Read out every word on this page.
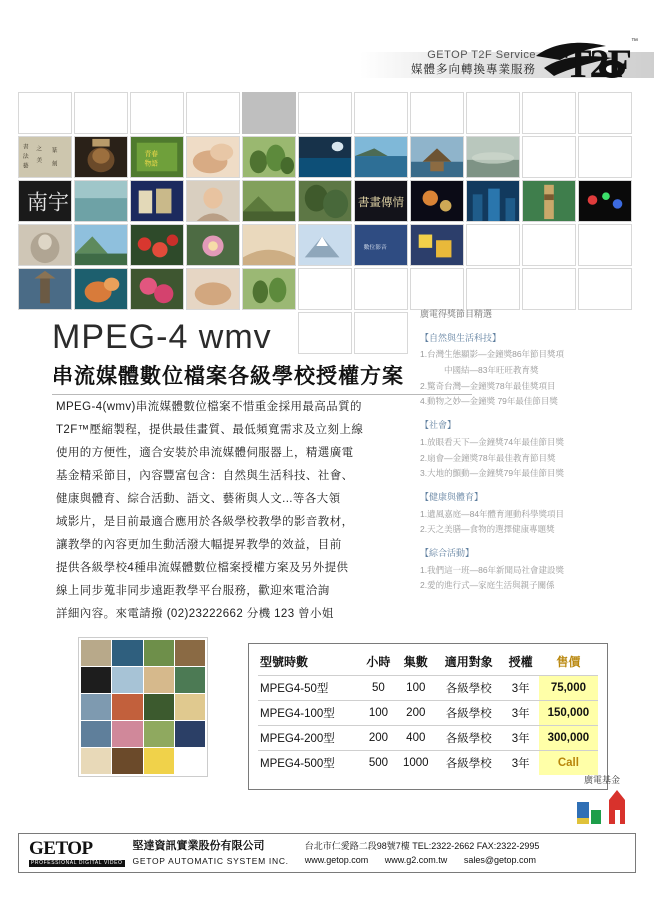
GETOP T2F Service
媒體多向轉換專業服務 T2F ™
書
法
藝
之
美
篆
刻
青春
物語
南宇	書畫傳情
數位影音
MPEG-4 wmv
串流媒體數位檔案各級學校授權方案

MPEG-4(wmv)串流媒體數位檔案不惜重金採用最高品質的

T2F™壓縮製程，提供最佳畫質、最低頻寬需求及立刻上線

使用的方便性，適合安裝於串流媒體伺服器上，精選廣電

基金精采節目，內容豐富包含：自然與生活科技、社會、

健康與體育、綜合活動、語文、藝術與人文...等各大領

域影片，是目前最適合應用於各級學校教學的影音教材，

讓教學的內容更加生動活潑大幅提昇教學的效益，目前

提供各級學校4種串流媒體數位檔案授權方案及另外提供

線上同步蒐非同步遠距教學平台服務，歡迎來電洽詢

詳細內容。來電請撥 (02)23222662 分機 123 曾小姐

廣電得獎節目精選
【自然與生活科技】
1.台灣生態顯影—金鐘獎86年節目獎項
中國結—83年旺旺教育獎
2.驚奇台灣—金鐘獎78年最佳獎項目
4.動物之妙—金鐘獎 79年最佳節目獎
【社會】
1.放眼看天下—金鐘獎74年最佳節目獎
2.扇會—金鐘獎78年最佳教育節目獎
3.大地的顫動—金鐘獎79年最佳節目獎
【健康與體育】
1.遺風嘉庭—84年體育運動科學獎項目
2.天之美膳—食物的選擇健康專題獎
【綜合活動】
1.我們這一班—86年新聞局社會建設獎
2.愛的進行式—家庭生活與親子關係
型號時數	小時	集數	適用對象	授權	售價
MPEG4-50型	50	100	各級學校	3年	75,000
MPEG4-100型	100	200	各級學校	3年	150,000
MPEG4-200型	200	400	各級學校	3年	300,000
MPEG4-500型	500	1000	各級學校	3年	Call
廣電基金
GETOP
PROFESSIONAL DIGITAL VIDEO
堅達資訊實業股份有限公司
GETOP AUTOMATIC SYSTEM INC.
台北市仁愛路二段98號7樓 TEL:2322-2662 FAX:2322-2995
www.getop.com www.g2.com.tw sales@getop.com
